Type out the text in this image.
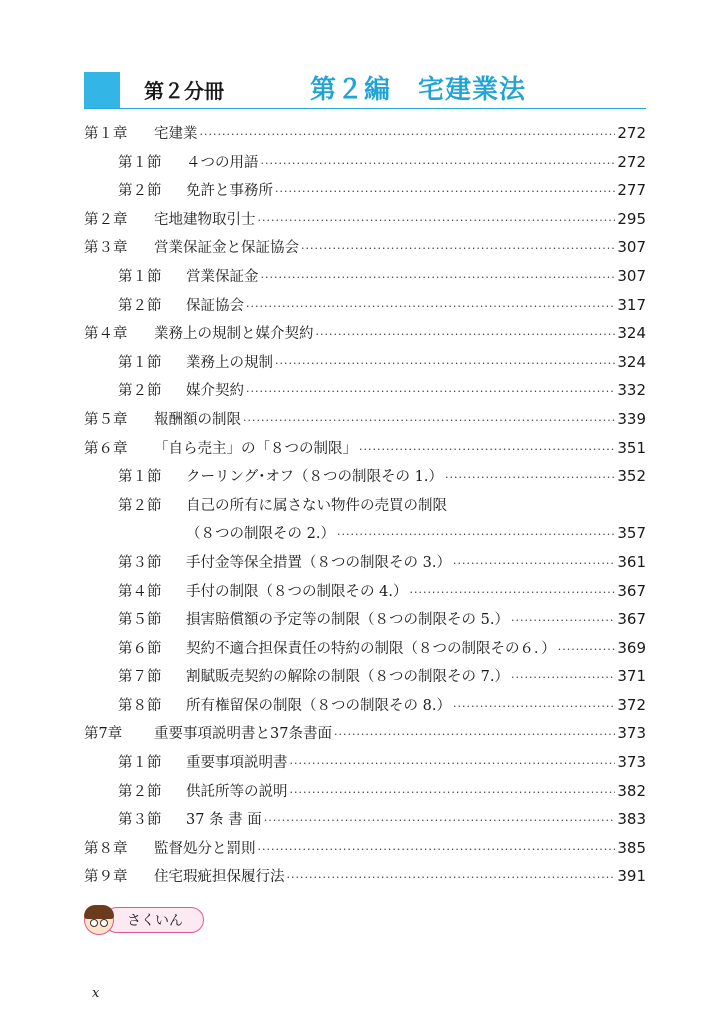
第２分冊	第２編　宅建業法
第１章	宅建業 ·····	272
第１節	４つの用語 ·····	272
第２節	免許と事務所 ·····	277
第２章	宅地建物取引士 ·····	295
第３章	営業保証金と保証協会 ·····	307
第１節	営業保証金 ·····	307
第２節	保証協会 ·····	317
第４章	業務上の規制と媒介契約 ·····	324
第１節	業務上の規制 ·····	324
第２節	媒介契約 ·····	332
第５章	報酬額の制限 ·····	339
第６章	「自ら売主」の「８つの制限」 ·····	351
第１節	クーリング･オフ（８つの制限その 1.） ·····	352
第２節	自己の所有に属さない物件の売買の制限
（８つの制限その 2.） ·····	357
第３節	手付金等保全措置（８つの制限その 3.） ·····	361
第４節	手付の制限（８つの制限その 4.） ·····	367
第５節	損害賠償額の予定等の制限（８つの制限その 5.） ·····	367
第６節	契約不適合担保責任の特約の制限（８つの制限その６．） ·····	369
第７節	割賦販売契約の解除の制限（８つの制限その 7.） ·····	371
第８節	所有権留保の制限（８つの制限その 8.） ·····	372
第7章	重要事項説明書と37条書面 ·····	373
第１節	重要事項説明書 ·····	373
第２節	供託所等の説明 ·····	382
第３節	37 条 書 面 ·····	383
第８章	監督処分と罰則 ·····	385
第９章	住宅瑕疵担保履行法 ·····	391
さくいん
x
